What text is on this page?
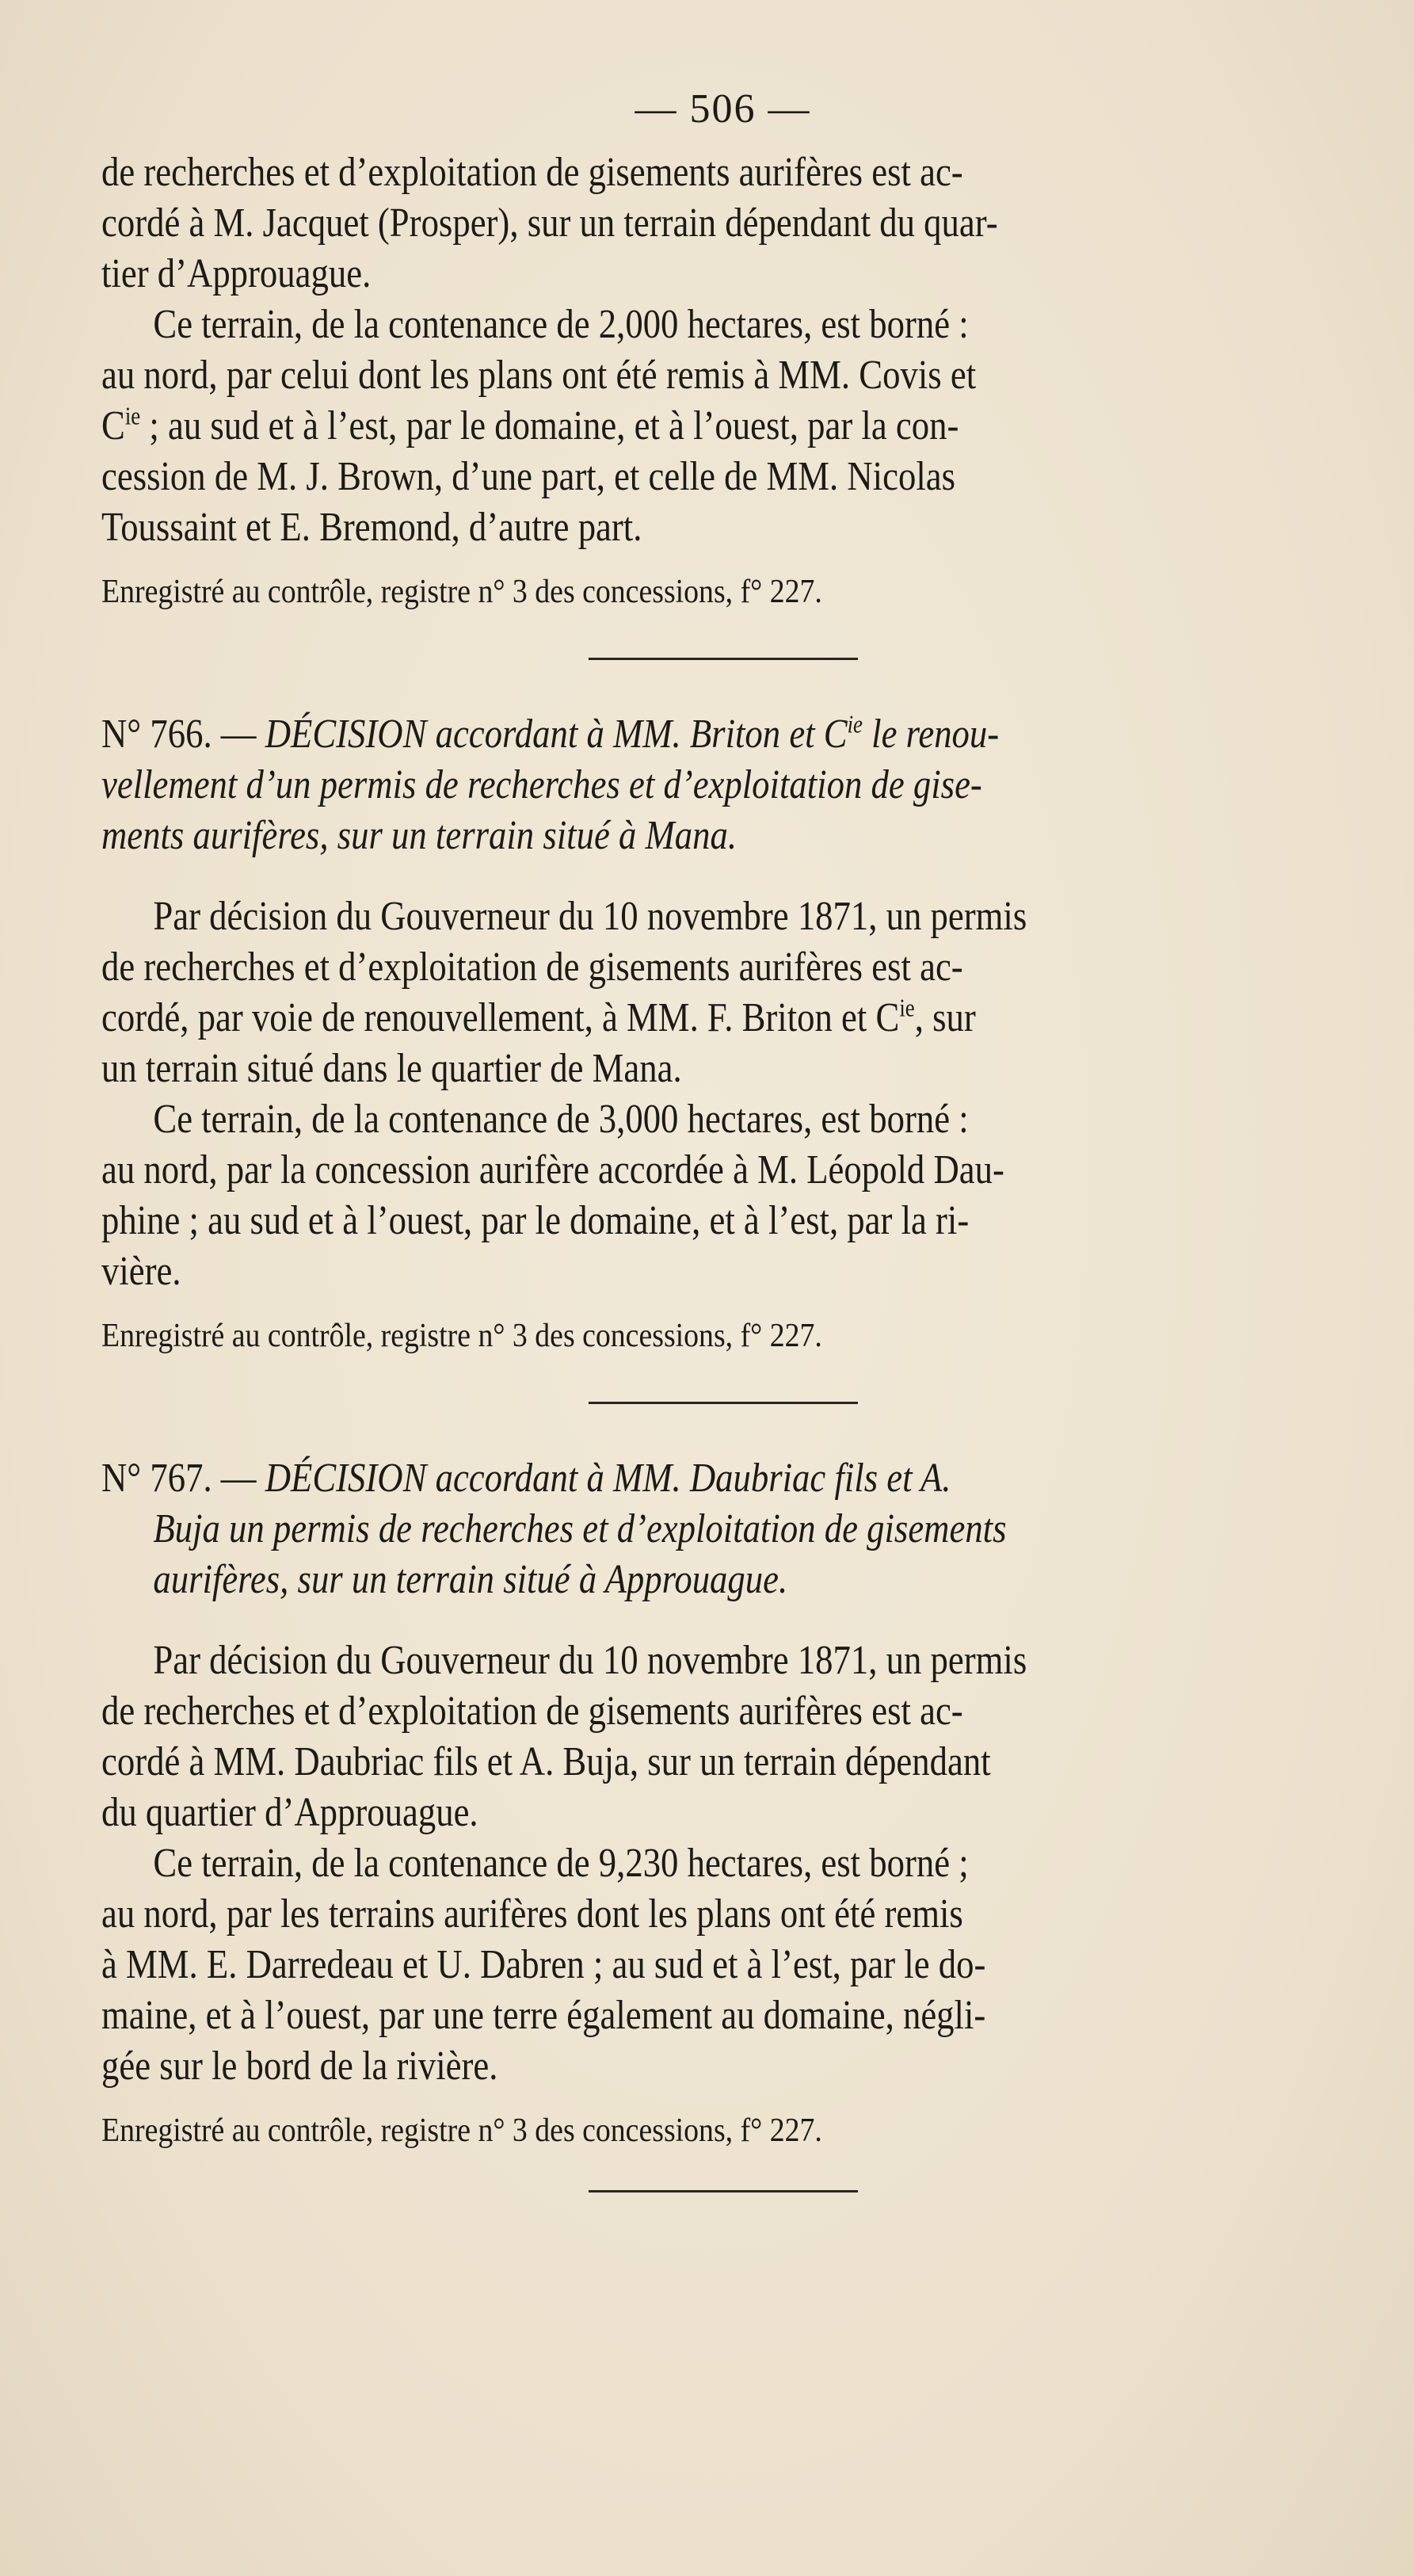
— 506 —

de recherches et d’exploitation de gisements aurifères est ac-
cordé à M. Jacquet (Prosper), sur un terrain dépendant du quar-
tier d’Approuague.

Ce terrain, de la contenance de 2,000 hectares, est borné :
au nord, par celui dont les plans ont été remis à MM. Covis et
$C^{ie}$ ; au sud et à l’est, par le domaine, et à l’ouest, par la con-
cession de M. J. Brown, d’une part, et celle de MM. Nicolas
Toussaint et E. Bremond, d’autre part.

Enregistré au contrôle, registre n° 3 des concessions, f° 227.
N° 766. — DÉCISION accordant à MM. Briton et $C^{ie}$ le renou-
vellement d’un permis de recherches et d’exploitation de gise-
ments aurifères, sur un terrain situé à Mana.

Par décision du Gouverneur du 10 novembre 1871, un permis
de recherches et d’exploitation de gisements aurifères est ac-
cordé, par voie de renouvellement, à MM. F. Briton et $C^{ie}$, sur
un terrain situé dans le quartier de Mana.

Ce terrain, de la contenance de 3,000 hectares, est borné :
au nord, par la concession aurifère accordée à M. Léopold Dau-
phine ; au sud et à l’ouest, par le domaine, et à l’est, par la ri-
vière.

Enregistré au contrôle, registre n° 3 des concessions, f° 227.
N° 767. — DÉCISION accordant à MM. Daubriac fils et A.
Buja un permis de recherches et d’exploitation de gisements
aurifères, sur un terrain situé à Approuague.

Par décision du Gouverneur du 10 novembre 1871, un permis
de recherches et d’exploitation de gisements aurifères est ac-
cordé à MM. Daubriac fils et A. Buja, sur un terrain dépendant
du quartier d’Approuague.

Ce terrain, de la contenance de 9,230 hectares, est borné ;
au nord, par les terrains aurifères dont les plans ont été remis
à MM. E. Darredeau et U. Dabren ; au sud et à l’est, par le do-
maine, et à l’ouest, par une terre également au domaine, négli-
gée sur le bord de la rivière.

Enregistré au contrôle, registre n° 3 des concessions, f° 227.
